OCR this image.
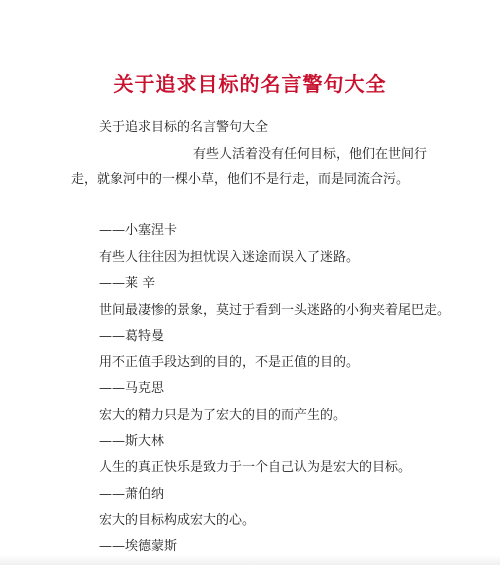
关于追求目标的名言警句大全
关于追求目标的名言警句大全
有些人活着没有任何目标，他们在世间行
走，就象河中的一棵小草，他们不是行走，而是同流合污。
——小塞涅卡
有些人往往因为担忧误入迷途而误入了迷路。
——莱 辛
世间最凄惨的景象，莫过于看到一头迷路的小狗夹着尾巴走。
——葛特曼
用不正值手段达到的目的，不是正值的目的。
——马克思
宏大的精力只是为了宏大的目的而产生的。
——斯大林
人生的真正快乐是致力于一个自己认为是宏大的目标。
——萧伯纳
宏大的目标构成宏大的心。
——埃德蒙斯
